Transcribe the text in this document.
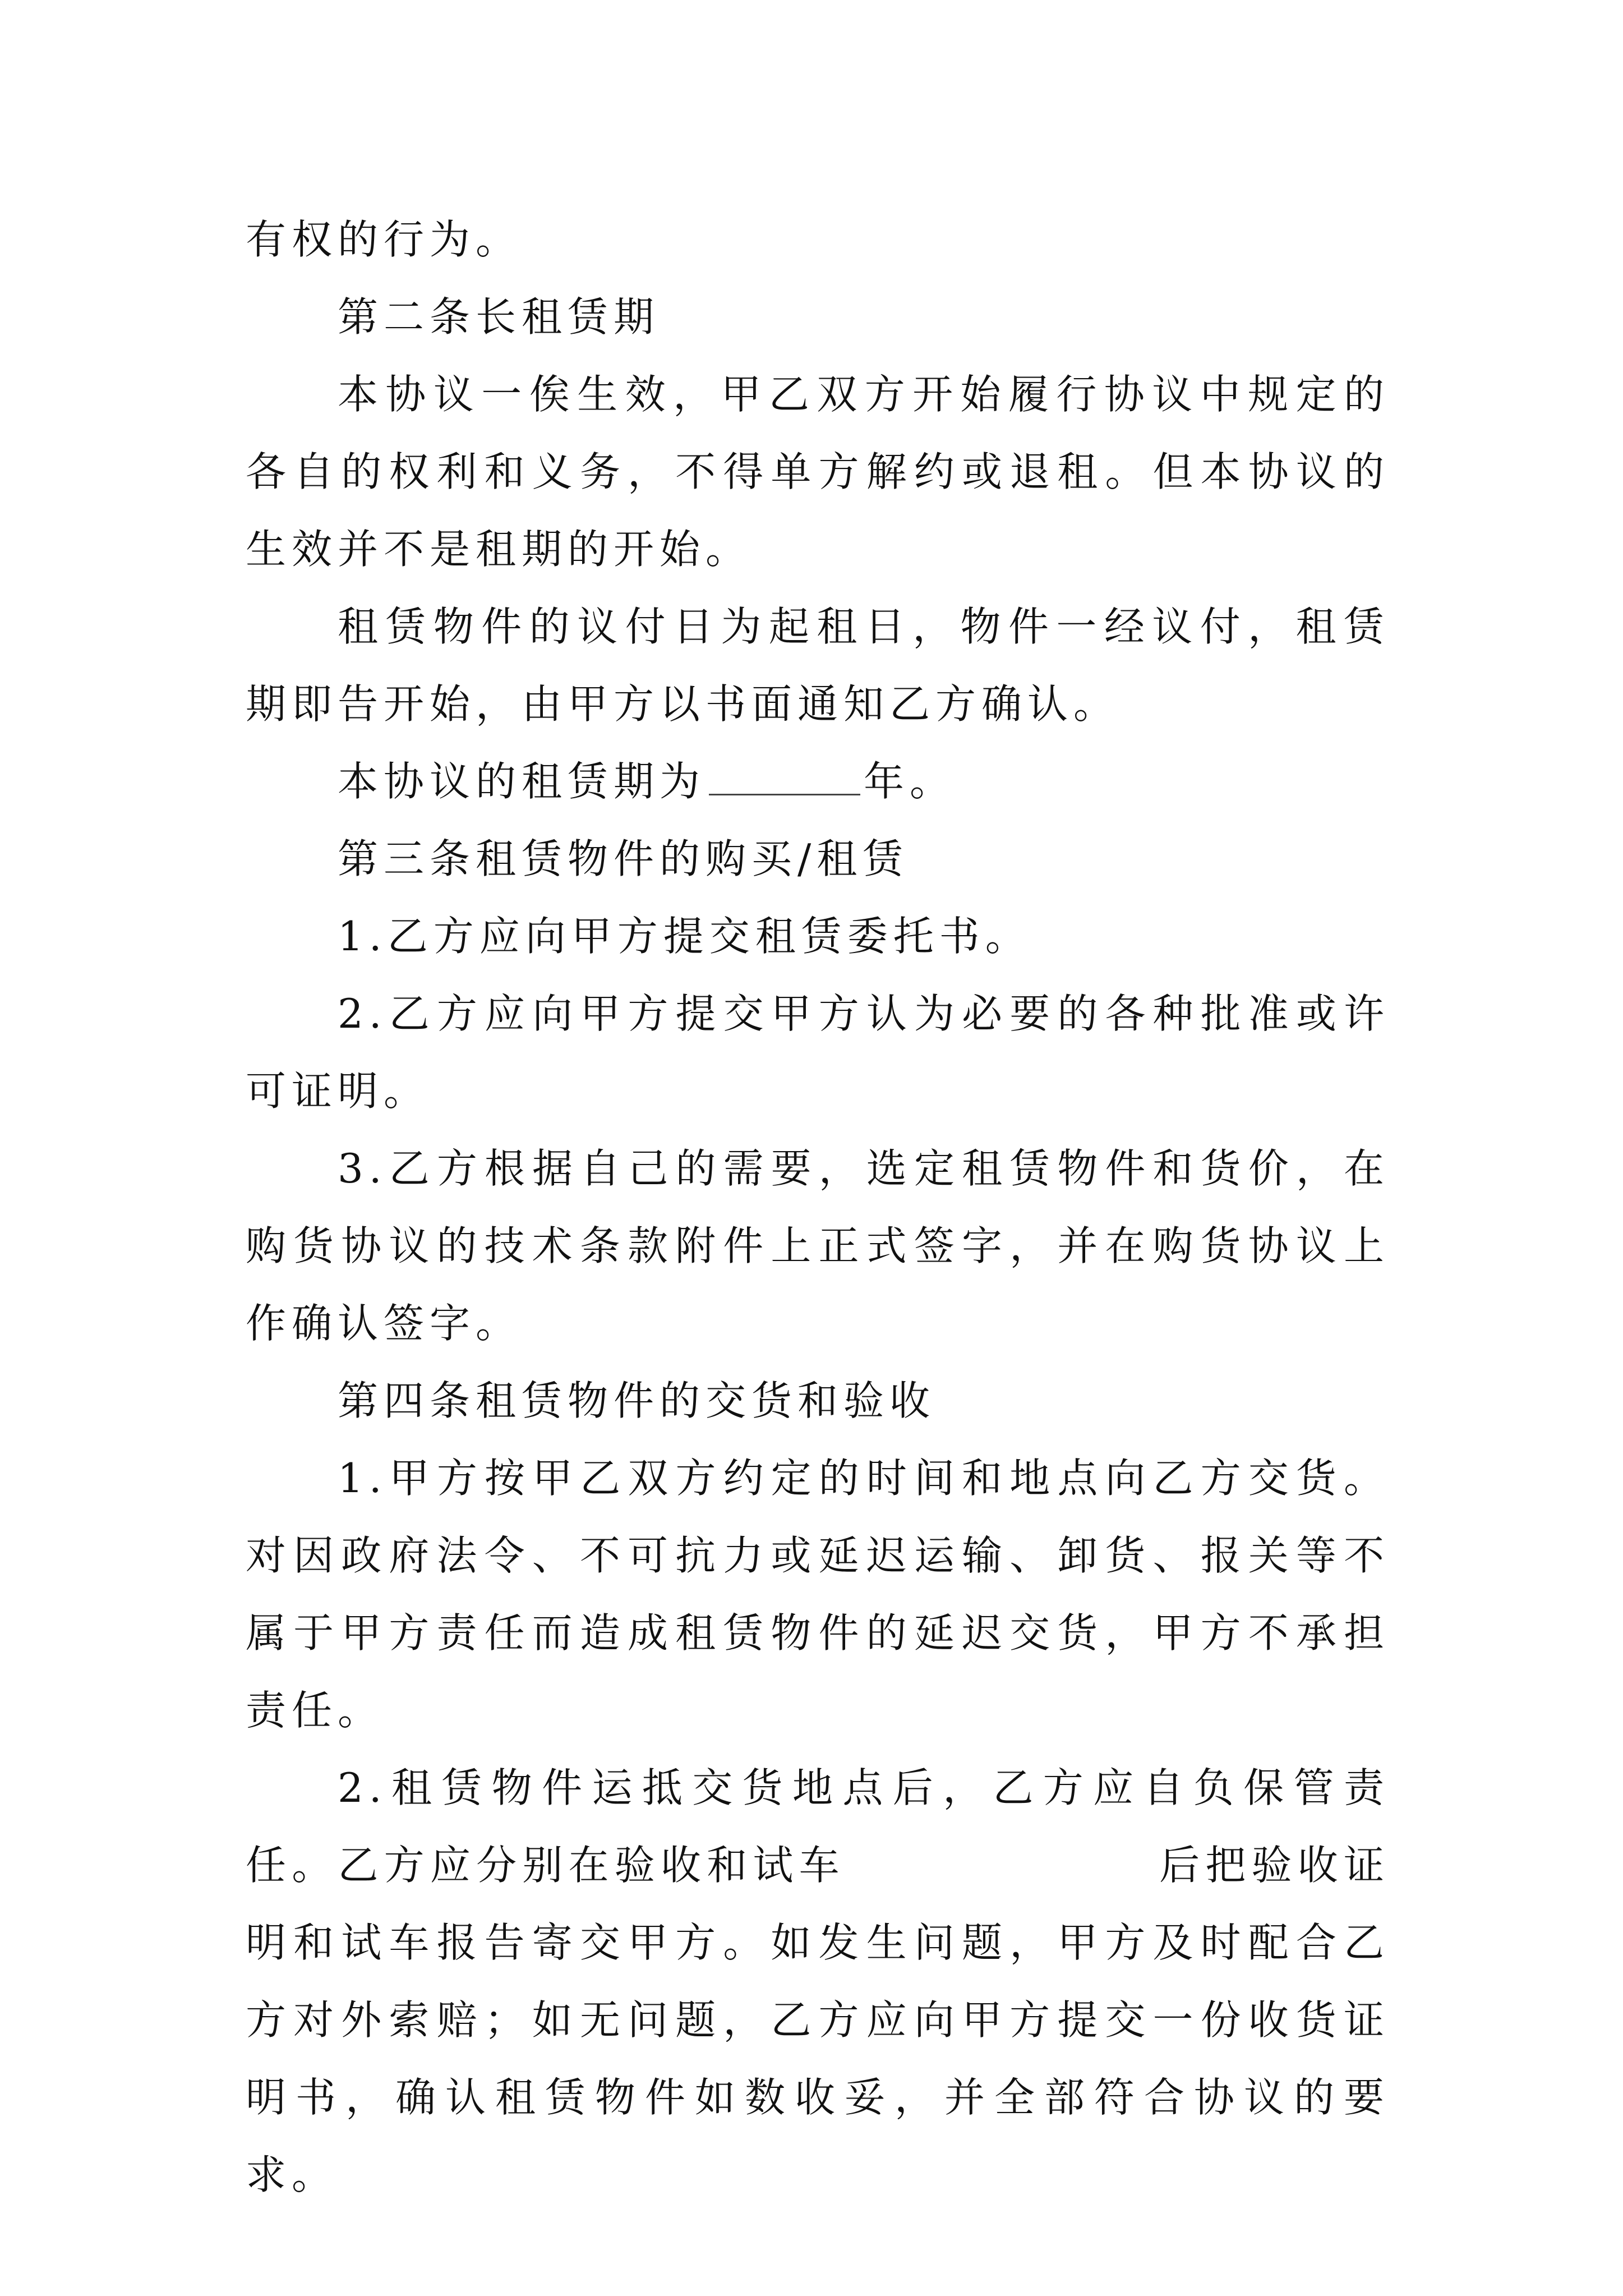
有权的行为。

第二条长租赁期

本协议一俟生效，甲乙双方开始履行协议中规定的各自的权利和义务，不得单方解约或退租。但本协议的生效并不是租期的开始。

租赁物件的议付日为起租日，物件一经议付，租赁期即告开始，由甲方以书面通知乙方确认。

本协议的租赁期为	年。

第三条租赁物件的购买/租赁

1.乙方应向甲方提交租赁委托书。

2.乙方应向甲方提交甲方认为必要的各种批准或许可证明。

3.乙方根据自己的需要，选定租赁物件和货价，在购货协议的技术条款附件上正式签字，并在购货协议上作确认签字。

第四条租赁物件的交货和验收

1.甲方按甲乙双方约定的时间和地点向乙方交货。对因政府法令、不可抗力或延迟运输、卸货、报关等不属于甲方责任而造成租赁物件的延迟交货，甲方不承担责任。

2.租赁物件运抵交货地点后，乙方应自负保管责任。乙方应分别在验收和试车	后把验收证明和试车报告寄交甲方。如发生问题，甲方及时配合乙方对外索赔；如无问题，乙方应向甲方提交一份收货证明书，确认租赁物件如数收妥，并全部符合协议的要求。
